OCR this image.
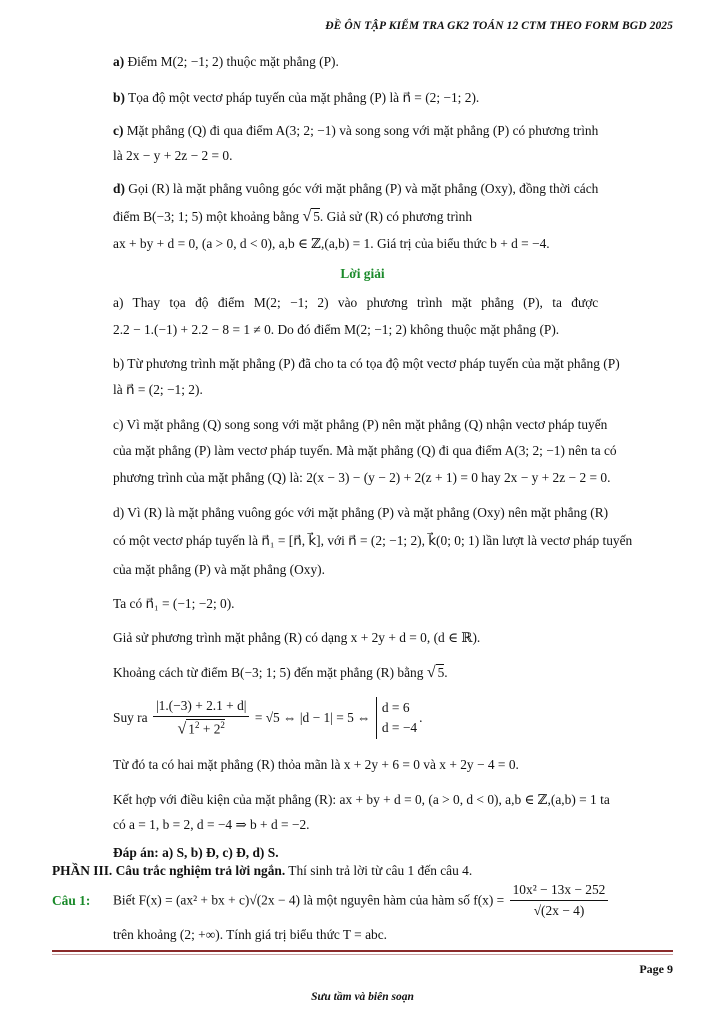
ĐỀ ÔN TẬP KIỂM TRA GK2 TOÁN 12 CTM THEO FORM BGD 2025
a) Điểm M(2; −1; 2) thuộc mặt phẳng (P).
b) Tọa độ một vectơ pháp tuyến của mặt phẳng (P) là n⃗ = (2; −1; 2).
c) Mặt phẳng (Q) đi qua điểm A(3; 2; −1) và song song với mặt phẳng (P) có phương trình
là 2x − y + 2z − 2 = 0.
d) Gọi (R) là mặt phẳng vuông góc với mặt phẳng (P) và mặt phẳng (Oxy), đồng thời cách
điểm B(−3; 1; 5) một khoảng bằng √ 5. Giả sử (R) có phương trình
ax + by + d = 0, (a > 0, d < 0), a,b ∈ ℤ,(a,b) = 1. Giá trị của biểu thức b + d = −4.
Lời giải
a) Thay tọa độ điểm M(2; −1; 2) vào phương trình mặt phẳng (P), ta được
2.2 − 1.(−1) + 2.2 − 8 = 1 ≠ 0. Do đó điểm M(2; −1; 2) không thuộc mặt phẳng (P).
b) Từ phương trình mặt phẳng (P) đã cho ta có tọa độ một vectơ pháp tuyến của mặt phẳng (P)
là n⃗ = (2; −1; 2).
c) Vì mặt phẳng (Q) song song với mặt phẳng (P) nên mặt phẳng (Q) nhận vectơ pháp tuyến
của mặt phẳng (P) làm vectơ pháp tuyến. Mà mặt phẳng (Q) đi qua điểm A(3; 2; −1) nên ta có
phương trình của mặt phẳng (Q) là: 2(x − 3) − (y − 2) + 2(z + 1) = 0 hay 2x − y + 2z − 2 = 0.
d) Vì (R) là mặt phẳng vuông góc với mặt phẳng (P) và mặt phẳng (Oxy) nên mặt phẳng (R)
có một vectơ pháp tuyến là n⃗₁ = [n⃗, k⃗], với n⃗ = (2; −1; 2), k⃗(0; 0; 1) lần lượt là vectơ pháp tuyến
của mặt phẳng (P) và mặt phẳng (Oxy).
Ta có n⃗₁ = (−1; −2; 0).
Giả sử phương trình mặt phẳng (R) có dạng x + 2y + d = 0, (d ∈ ℝ).
Khoảng cách từ điểm B(−3; 1; 5) đến mặt phẳng (R) bằng √ 5.
Suy ra $\frac{|1.(-3) + 2.1 + d|}{√ 1^2 + 2^2} = √5$ ⇔ |d − 1| = 5 ⇔
d = 6
d = −4
.
Từ đó ta có hai mặt phẳng (R) thỏa mãn là x + 2y + 6 = 0 và x + 2y − 4 = 0.
Kết hợp với điều kiện của mặt phẳng (R): ax + by + d = 0, (a > 0, d < 0), a,b ∈ ℤ,(a,b) = 1 ta
có a = 1, b = 2, d = −4 ⇒ b + d = −2.
Đáp án: a) S, b) Đ, c) Đ, d) S.
PHẦN III. Câu trắc nghiệm trả lời ngắn. Thí sinh trả lời từ câu 1 đến câu 4.
Câu 1: Biết F(x) = (ax² + bx + c)√(2x − 4) là một nguyên hàm của hàm số $f(x) = \frac{\text{10x² − 13x − 252}}{√(2x - 4)}$
trên khoảng (2; +∞). Tính giá trị biểu thức T = abc.
Page 9
Sưu tầm và biên soạn
